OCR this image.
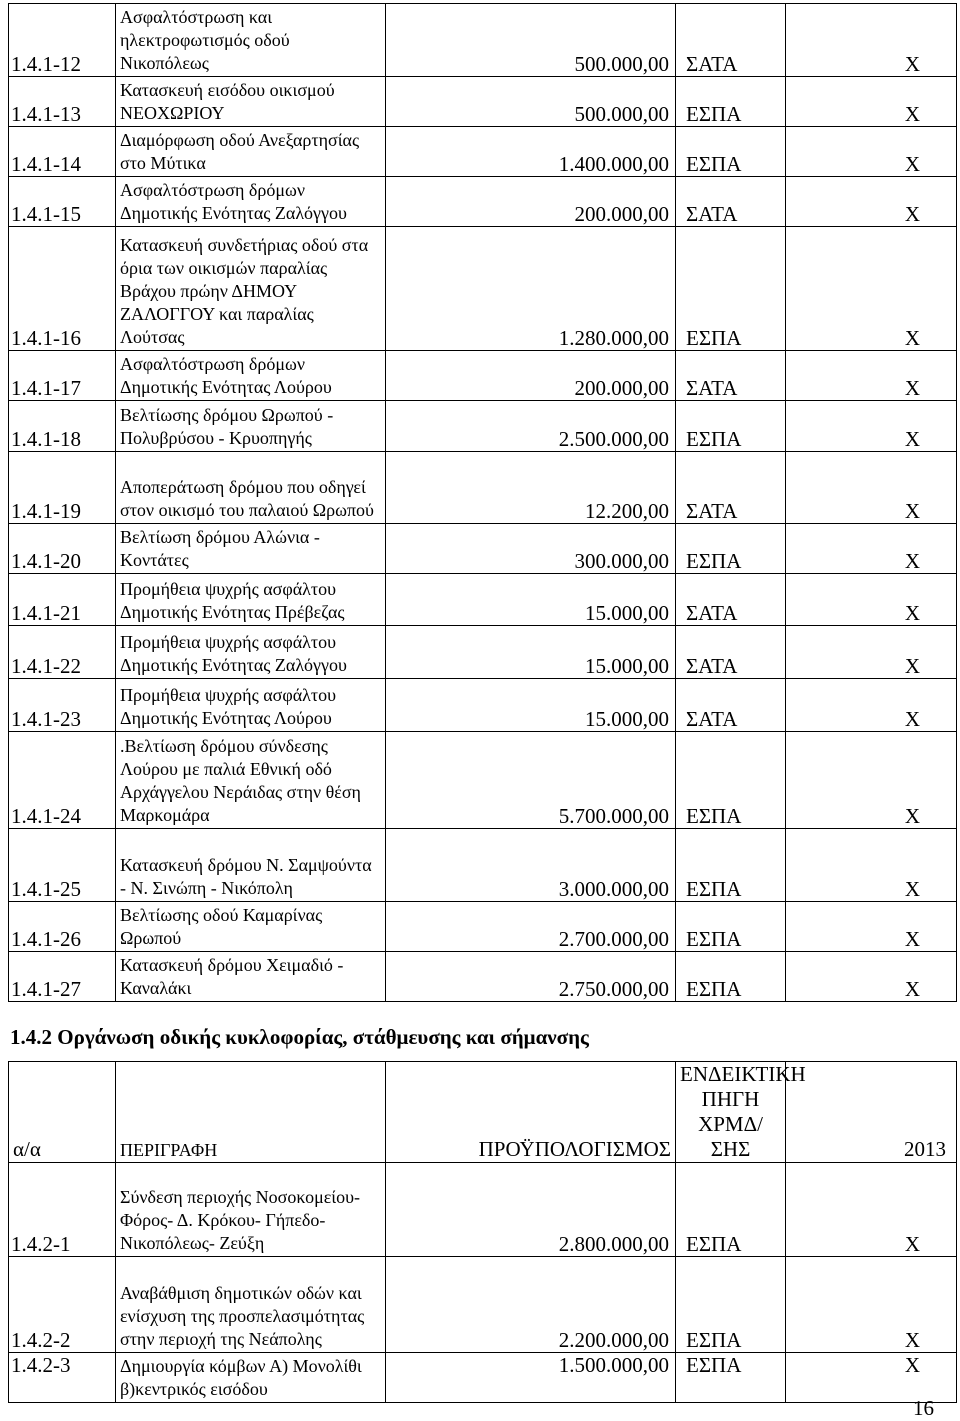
1.4.1-12	Ασφαλτόστρωση και ηλεκτροφωτισμός οδού Νικοπόλεως	500.000,00	ΣΑΤΑ	Χ
1.4.1-13	Κατασκευή εισόδου οικισμού ΝΕΟΧΩΡΙΟΥ	500.000,00	ΕΣΠΑ	Χ
1.4.1-14	Διαμόρφωση οδού Ανεξαρτησίας στο Μύτικα	1.400.000,00	ΕΣΠΑ	Χ
1.4.1-15	Ασφαλτόστρωση δρόμων Δημοτικής Ενότητας Ζαλόγγου	200.000,00	ΣΑΤΑ	Χ
1.4.1-16	Κατασκευή συνδετήριας οδού στα όρια των οικισμών παραλίας Βράχου πρώην ΔΗΜΟΥ ΖΑΛΟΓΓΟΥ και παραλίας Λούτσας	1.280.000,00	ΕΣΠΑ	Χ
1.4.1-17	Ασφαλτόστρωση δρόμων Δημοτικής Ενότητας Λούρου	200.000,00	ΣΑΤΑ	Χ
1.4.1-18	Βελτίωσης δρόμου Ωρωπού - Πολυβρύσου - Κρυοπηγής	2.500.000,00	ΕΣΠΑ	Χ
1.4.1-19	Αποπεράτωση δρόμου που οδηγεί στον οικισμό του παλαιού Ωρωπού	12.200,00	ΣΑΤΑ	Χ
1.4.1-20	Βελτίωση δρόμου Αλώνια - Κοντάτες	300.000,00	ΕΣΠΑ	Χ
1.4.1-21	Προμήθεια ψυχρής ασφάλτου Δημοτικής Ενότητας Πρέβεζας	15.000,00	ΣΑΤΑ	Χ
1.4.1-22	Προμήθεια ψυχρής ασφάλτου Δημοτικής Ενότητας Ζαλόγγου	15.000,00	ΣΑΤΑ	Χ
1.4.1-23	Προμήθεια ψυχρής ασφάλτου Δημοτικής Ενότητας Λούρου	15.000,00	ΣΑΤΑ	Χ
1.4.1-24	.Βελτίωση δρόμου σύνδεσης Λούρου με παλιά Εθνική οδό Αρχάγγελου Νεράιδας στην θέση Μαρκομάρα	5.700.000,00	ΕΣΠΑ	Χ
1.4.1-25	Κατασκευή δρόμου Ν. Σαμψούντα - Ν. Σινώπη - Νικόπολη	3.000.000,00	ΕΣΠΑ	Χ
1.4.1-26	Βελτίωσης οδού Καμαρίνας Ωρωπού	2.700.000,00	ΕΣΠΑ	Χ
1.4.1-27	Κατασκευή δρόμου Χειμαδιό - Καναλάκι	2.750.000,00	ΕΣΠΑ	Χ
1.4.2 Οργάνωση οδικής κυκλοφορίας, στάθμευσης και σήμανσης
α/α	ΠΕΡΙΓΡΑΦΗ	ΠΡΟΫΠΟΛΟΓΙΣΜΟΣ	ΕΝΔΕΙΚΤΙΚΗ ΠΗΓΗ ΧΡΜΔ/ΣΗΣ	2013
1.4.2-1	Σύνδεση περιοχής Νοσοκομείου- Φόρος- Δ. Κρόκου- Γήπεδο- Νικοπόλεως- Ζεύξη	2.800.000,00	ΕΣΠΑ	Χ
1.4.2-2	Αναβάθμιση δημοτικών οδών και ενίσχυση της προσπελασιμότητας στην περιοχή της Νεάπολης	2.200.000,00	ΕΣΠΑ	Χ
1.4.2-3	Δημιουργία κόμβων Α) Μονολίθι β)κεντρικός εισόδου	1.500.000,00	ΕΣΠΑ	Χ
16
